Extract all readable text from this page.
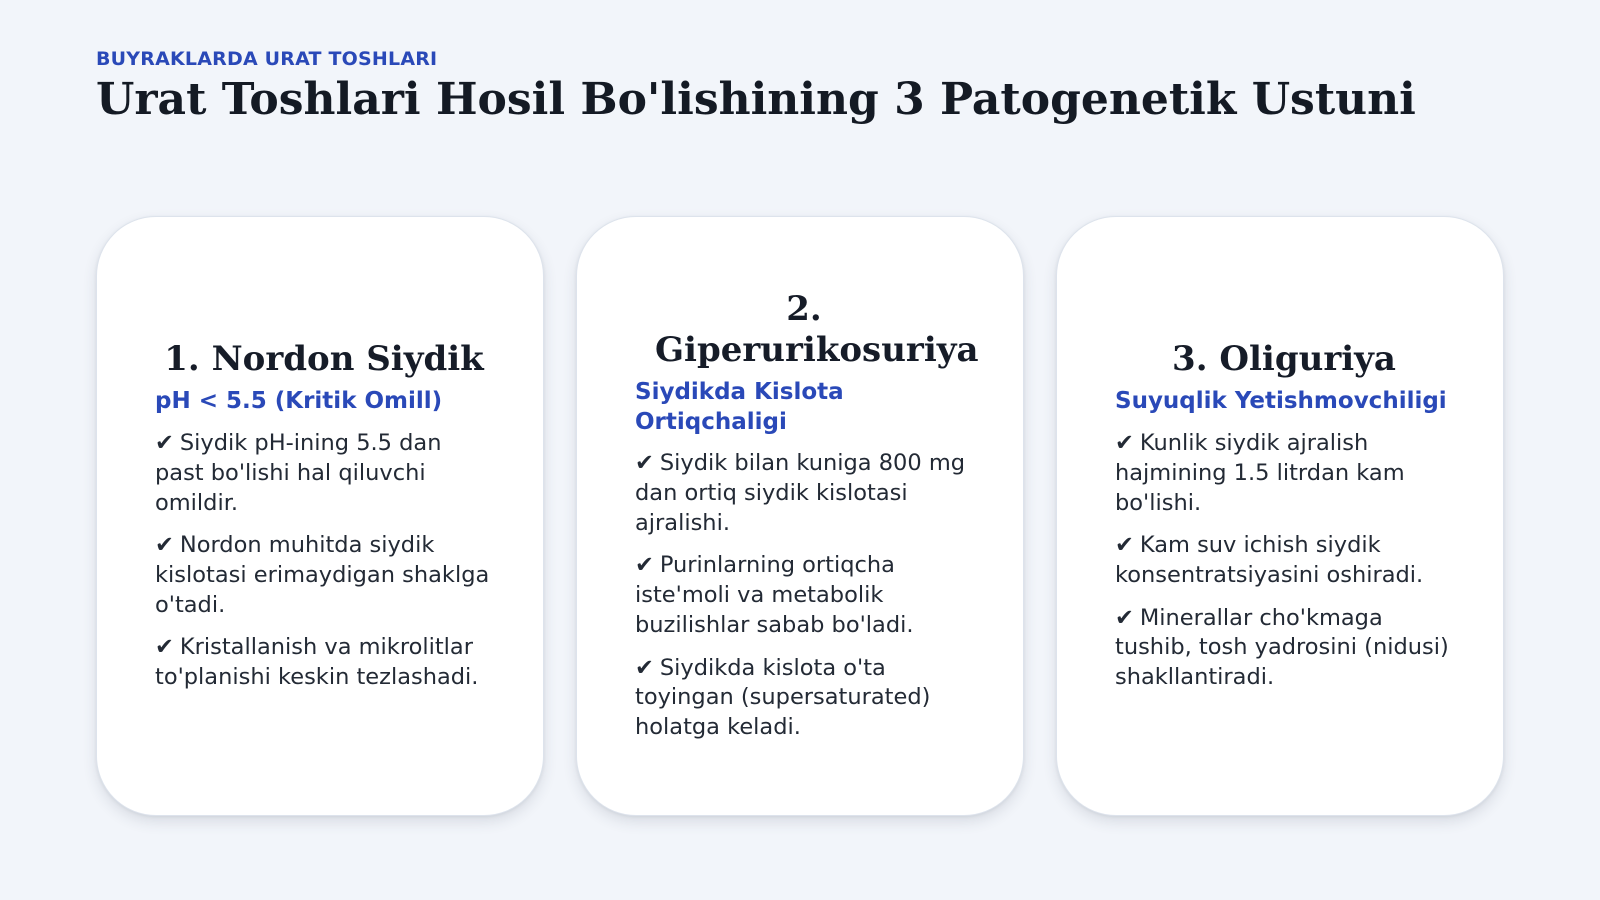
BUYRAKLARDA URAT TOSHLARI

Urat Toshlari Hosil Bo'lishining 3 Patogenetik Ustuni
1. Nordon Siydik

pH < 5.5 (Kritik Omill)

✔ Siydik pH-ining 5.5 dan past bo'lishi hal qiluvchi omildir.
✔ Nordon muhitda siydik kislotasi erimaydigan shaklga o'tadi.
✔ Kristallanish va mikrolitlar to'planishi keskin tezlashadi.
2. Giperurikosuriya

Siydikda Kislota Ortiqchaligi

✔ Siydik bilan kuniga 800 mg dan ortiq siydik kislotasi ajralishi.
✔ Purinlarning ortiqcha iste'moli va metabolik buzilishlar sabab bo'ladi.
✔ Siydikda kislota o'ta toyingan (supersaturated) holatga keladi.
3. Oliguriya

Suyuqlik Yetishmovchiligi

✔ Kunlik siydik ajralish hajmining 1.5 litrdan kam bo'lishi.
✔ Kam suv ichish siydik konsentratsiyasini oshiradi.
✔ Minerallar cho'kmaga tushib, tosh yadrosini (nidusi) shakllantiradi.
